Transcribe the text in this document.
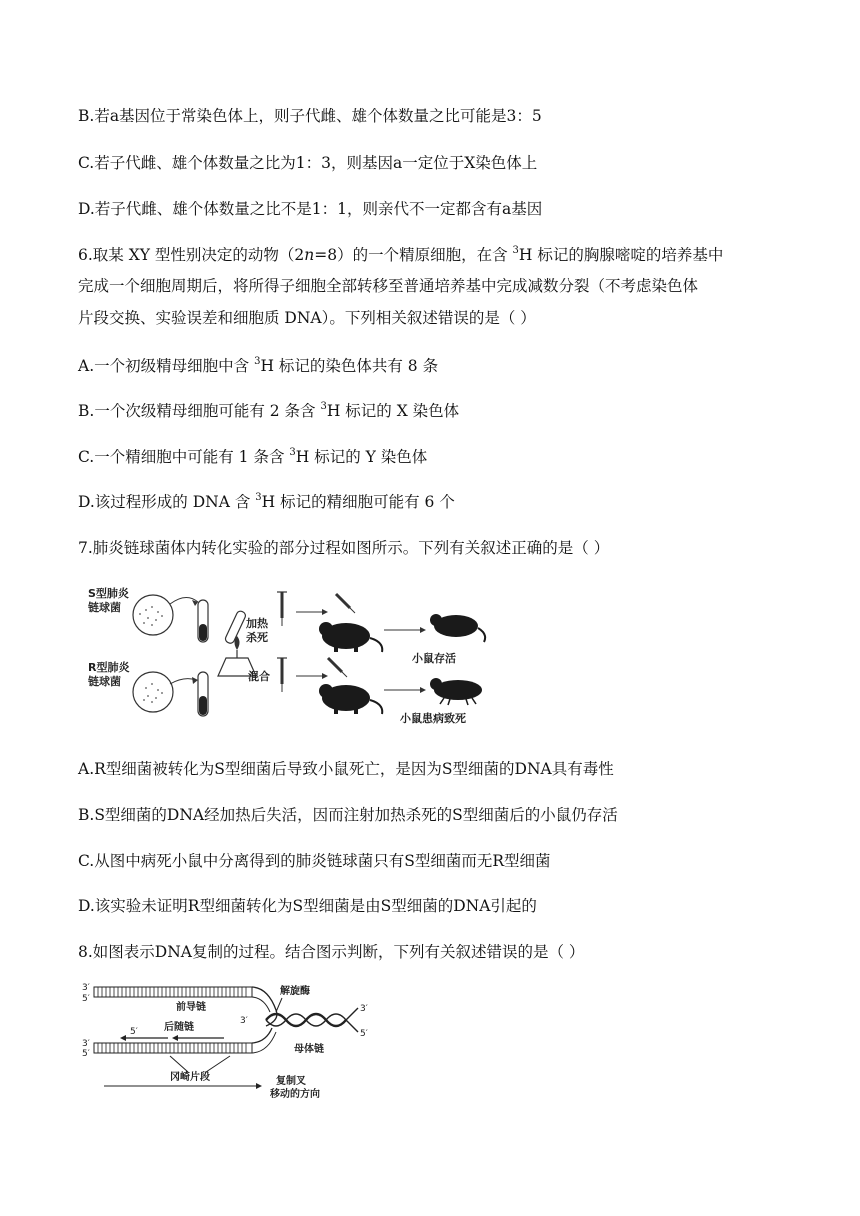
B.若a基因位于常染色体上，则子代雌、雄个体数量之比可能是3：5
C.若子代雌、雄个体数量之比为1：3，则基因a一定位于X染色体上
D.若子代雌、雄个体数量之比不是1：1，则亲代不一定都含有a基因
6.取某 XY 型性别决定的动物（2n=8）的一个精原细胞，在含 $^3$H 标记的胸腺嘧啶的培养基中
完成一个细胞周期后，将所得子细胞全部转移至普通培养基中完成减数分裂（不考虑染色体
片段交换、实验误差和细胞质 DNA）。下列相关叙述错误的是（ ）
A.一个初级精母细胞中含 $^3$H 标记的染色体共有 8 条
B.一个次级精母细胞可能有 2 条含 $^3$H 标记的 X 染色体
C.一个精细胞中可能有 1 条含 $^3$H 标记的 Y 染色体
D.该过程形成的 DNA 含 $^3$H 标记的精细胞可能有 6 个
7.肺炎链球菌体内转化实验的部分过程如图所示。下列有关叙述正确的是（ ）
S型肺炎
链球菌
加热
杀死
小鼠存活
R型肺炎
链球菌	混合
小鼠患病致死
A.R型细菌被转化为S型细菌后导致小鼠死亡，是因为S型细菌的DNA具有毒性
B.S型细菌的DNA经加热后失活，因而注射加热杀死的S型细菌后的小鼠仍存活
C.从图中病死小鼠中分离得到的肺炎链球菌只有S型细菌而无R型细菌
D.该实验未证明R型细菌转化为S型细菌是由S型细菌的DNA引起的
8.如图表示DNA复制的过程。结合图示判断，下列有关叙述错误的是（ ）
3′
5′
前导链
3′
5′
5′	后随链
3′
3′
5′
解旋酶
母体链
冈崎片段	复制叉
移动的方向
